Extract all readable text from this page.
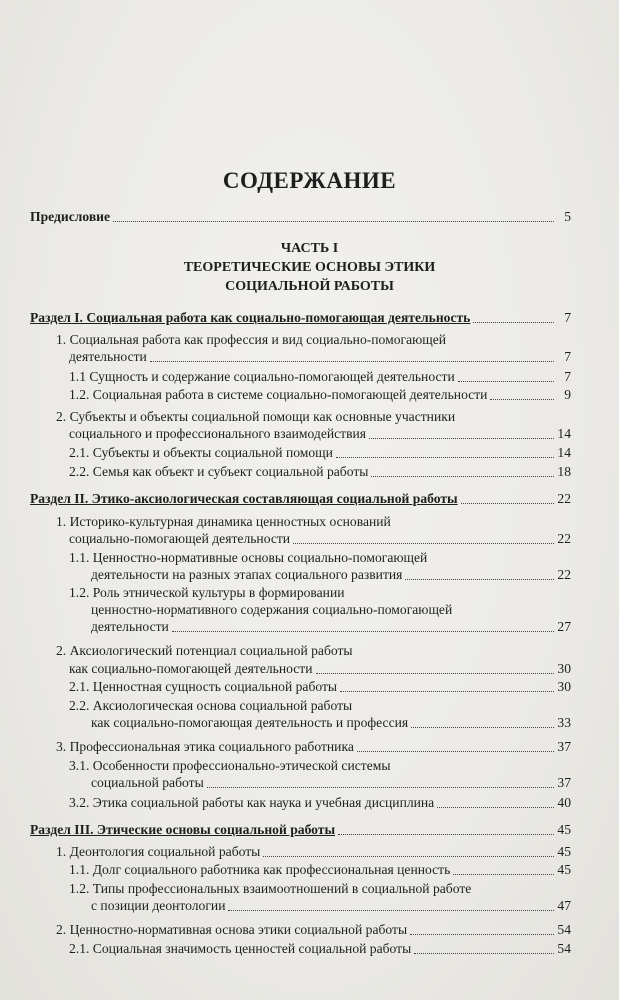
СОДЕРЖАНИЕ
Предисловие	5
ЧАСТЬ I
ТЕОРЕТИЧЕСКИЕ ОСНОВЫ ЭТИКИ
СОЦИАЛЬНОЙ РАБОТЫ
Раздел I. Социальная работа как социально-помогающая деятельность	7
1. Социальная работа как профессия и вид социально-помогающей
деятельности	7
1.1 Сущность и содержание социально-помогающей деятельности	7
1.2. Социальная работа в системе социально-помогающей деятельности	9
2. Субъекты и объекты социальной помощи как основные участники
социального и профессионального взаимодействия	14
2.1. Субъекты и объекты социальной помощи	14
2.2. Семья как объект и субъект социальной работы	18
Раздел II. Этико-аксиологическая составляющая социальной работы	22
1. Историко-культурная динамика ценностных оснований
социально-помогающей деятельности	22
1.1. Ценностно-нормативные основы социально-помогающей
деятельности на разных этапах социального развития	22
1.2. Роль этнической культуры в формировании
ценностно-нормативного содержания социально-помогающей
деятельности	27
2. Аксиологический потенциал социальной работы
как социально-помогающей деятельности	30
2.1. Ценностная сущность социальной работы	30
2.2. Аксиологическая основа социальной работы
как социально-помогающая деятельность и профессия	33
3. Профессиональная этика социального работника	37
3.1. Особенности профессионально-этической системы
социальной работы	37
3.2. Этика социальной работы как наука и учебная дисциплина	40
Раздел III. Этические основы социальной работы	45
1. Деонтология социальной работы	45
1.1. Долг социального работника как профессиональная ценность	45
1.2. Типы профессиональных взаимоотношений в социальной работе
с позиции деонтологии	47
2. Ценностно-нормативная основа этики социальной работы	54
2.1. Социальная значимость ценностей социальной работы	54
